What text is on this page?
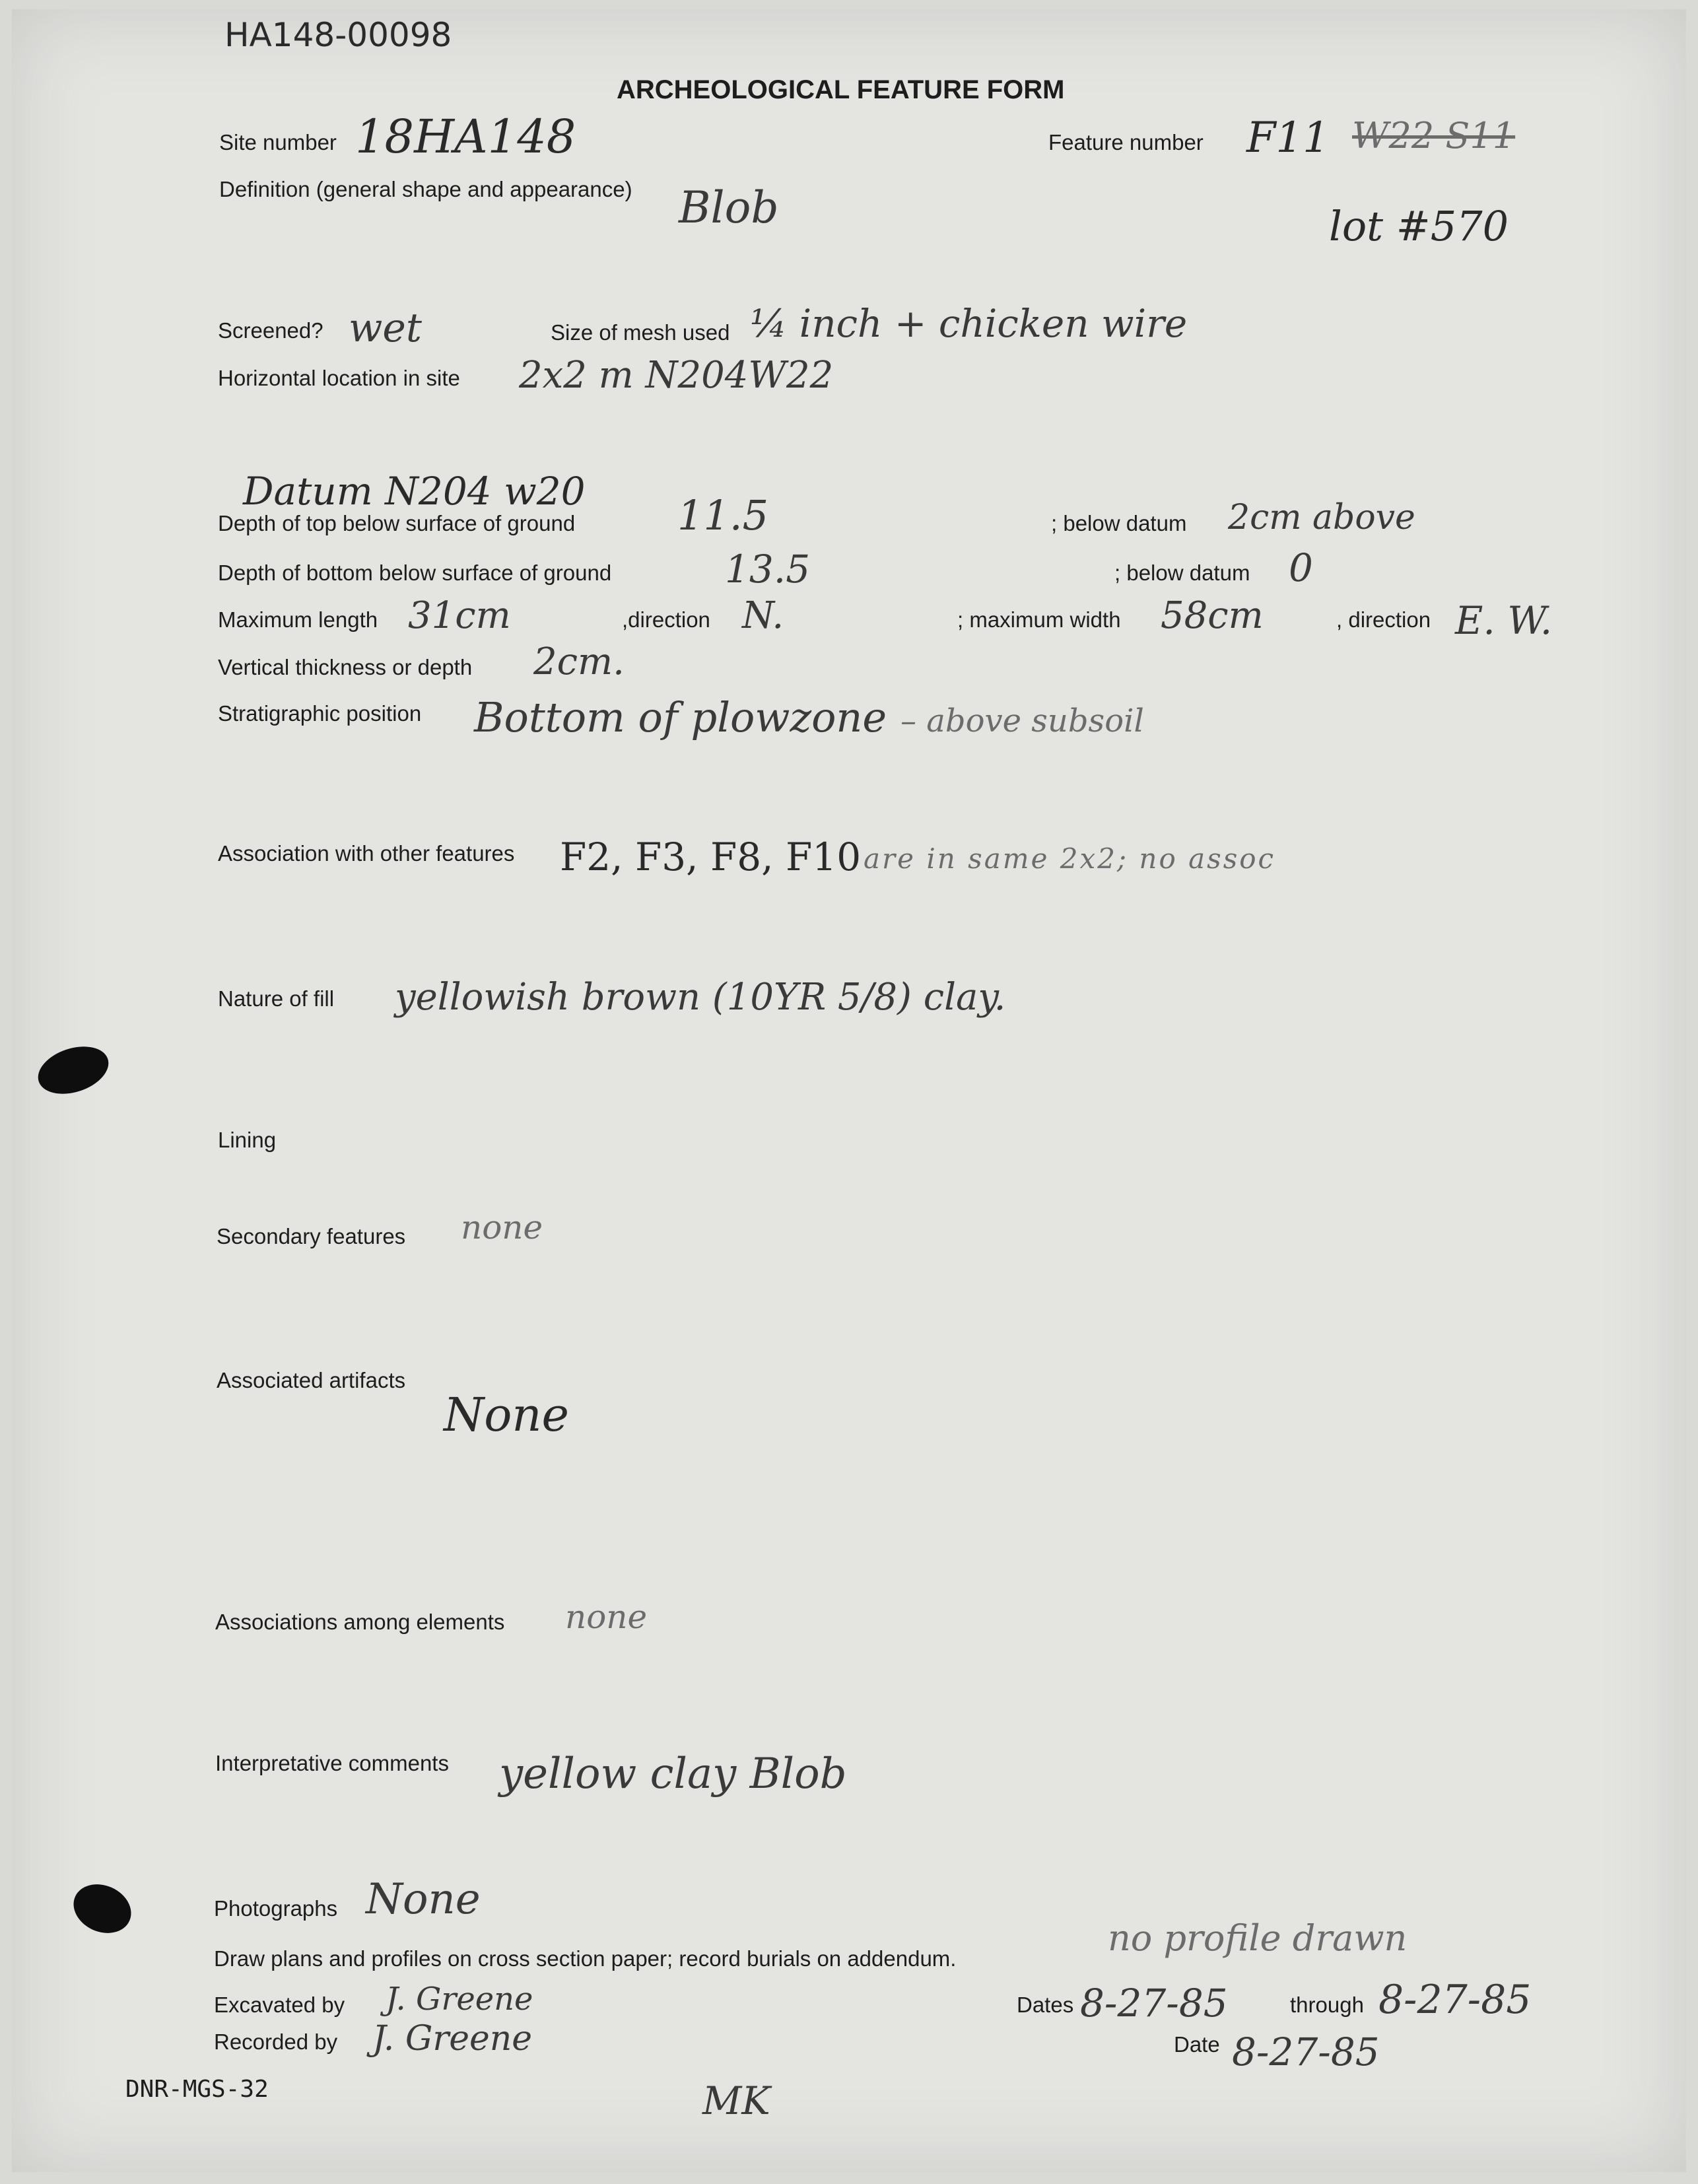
HA148-00098
ARCHEOLOGICAL FEATURE FORM
Site number 18HA148	Feature number F11 W22 S11
Definition (general shape and appearance) Blob	lot #570
Screened? wet	Size of mesh used ¼ inch + chicken wire
Horizontal location in site 2x2 m N204W22
Datum N204 w20
Depth of top below surface of ground 11.5	; below datum 2cm above
Depth of bottom below surface of ground	13.5	; below datum 0
Maximum length 31cm	,direction N.	; maximum width 58cm	, direction E. W.
Vertical thickness or depth 2cm.
Stratigraphic position Bottom of plowzone – above subsoil
Association with other features F2, F3, F8, F10 are in same 2x2; no assoc
Nature of fill yellowish brown (10YR 5/8) clay.
Lining
Secondary features none
Associated artifacts
None
Associations among elements none
Interpretative comments yellow clay Blob
Photographs None
Draw plans and profiles on cross section paper; record burials on addendum.	no profile drawn
Excavated by J. Greene	Dates 8-27-85	through 8-27-85
Recorded by J. Greene	Date 8-27-85
DNR-MGS-32	MK
